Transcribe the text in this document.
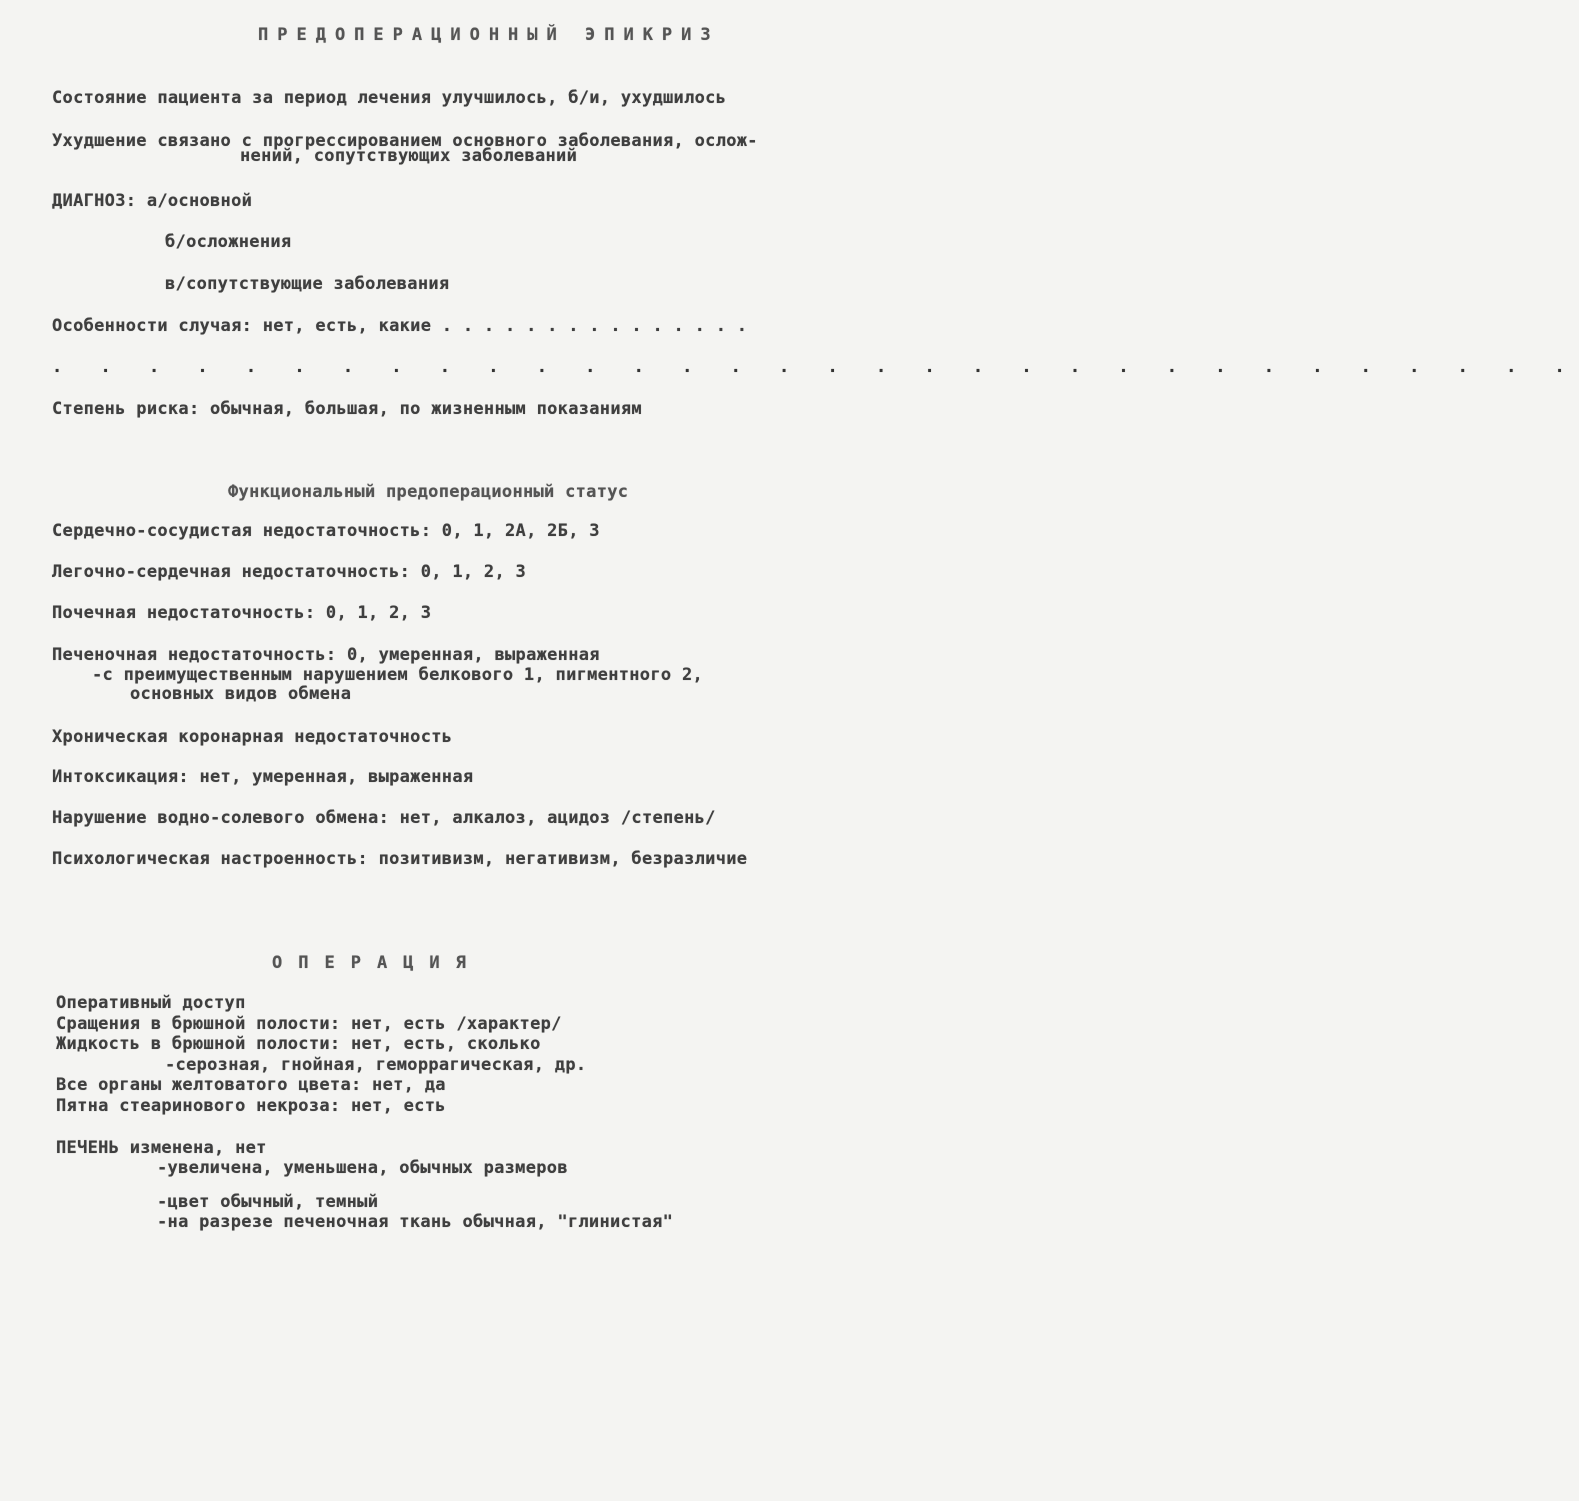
ПРЕДОПЕРАЦИОННЫЙ ЭПИКРИЗ
Состояние пациента за период лечения улучшилось, б/и, ухудшилось
Ухудшение связано с прогрессированием основного заболевания, ослож-
нений, сопутствующих заболеваний
ДИАГНОЗ: а/основной
б/осложнения
в/сопутствующие заболевания
Особенности случая: нет, есть, какие . . . . . . . . . . . . . . .
. . . . . . . . . . . . . . . . . . . . . . . . . . . . . . . .
Степень риска: обычная, большая, по жизненным показаниям
Функциональный предоперационный статус
Сердечно-сосудистая недостаточность: 0, 1, 2А, 2Б, 3
Легочно-сердечная недостаточность: 0, 1, 2, 3
Почечная недостаточность: 0, 1, 2, 3
Печеночная недостаточность: 0, умеренная, выраженная
-с преимущественным нарушением белкового 1, пигментного 2,
основных видов обмена
Хроническая коронарная недостаточность
Интоксикация: нет, умеренная, выраженная
Нарушение водно-солевого обмена: нет, алкалоз, ацидоз /степень/
Психологическая настроенность: позитивизм, негативизм, безразличие
ОПЕРАЦИЯ
Оперативный доступ
Сращения в брюшной полости: нет, есть /характер/
Жидкость в брюшной полости: нет, есть, сколько
-серозная, гнойная, геморрагическая, др.
Все органы желтоватого цвета: нет, да
Пятна стеаринового некроза: нет, есть
ПЕЧЕНЬ изменена, нет
-увеличена, уменьшена, обычных размеров
-цвет обычный, темный
-на разрезе печеночная ткань обычная, "глинистая"
